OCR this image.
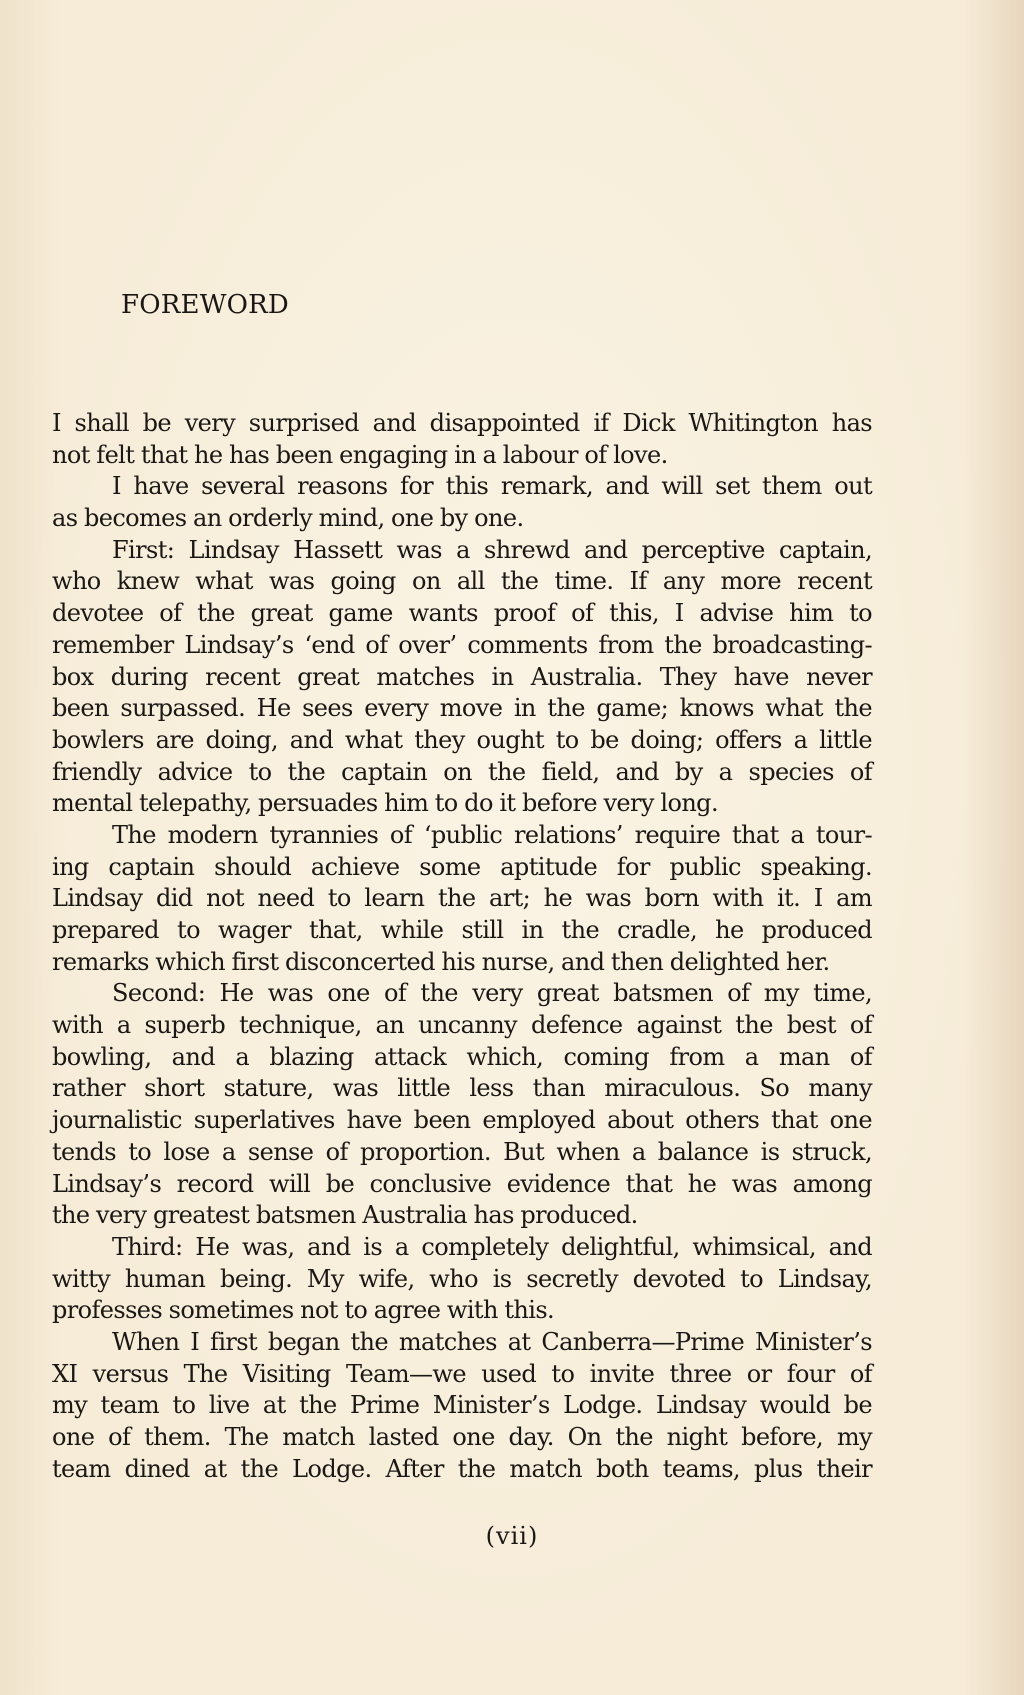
FOREWORD
I shall be very surprised and disappointed if Dick Whitington has
not felt that he has been engaging in a labour of love.
I have several reasons for this remark, and will set them out
as becomes an orderly mind, one by one.
First: Lindsay Hassett was a shrewd and perceptive captain,
who knew what was going on all the time. If any more recent
devotee of the great game wants proof of this, I advise him to
remember Lindsay’s ‘end of over’ comments from the broadcasting-
box during recent great matches in Australia. They have never
been surpassed. He sees every move in the game; knows what the
bowlers are doing, and what they ought to be doing; offers a little
friendly advice to the captain on the field, and by a species of
mental telepathy, persuades him to do it before very long.
The modern tyrannies of ‘public relations’ require that a tour-
ing captain should achieve some aptitude for public speaking.
Lindsay did not need to learn the art; he was born with it. I am
prepared to wager that, while still in the cradle, he produced
remarks which first disconcerted his nurse, and then delighted her.
Second: He was one of the very great batsmen of my time,
with a superb technique, an uncanny defence against the best of
bowling, and a blazing attack which, coming from a man of
rather short stature, was little less than miraculous. So many
journalistic superlatives have been employed about others that one
tends to lose a sense of proportion. But when a balance is struck,
Lindsay’s record will be conclusive evidence that he was among
the very greatest batsmen Australia has produced.
Third: He was, and is a completely delightful, whimsical, and
witty human being. My wife, who is secretly devoted to Lindsay,
professes sometimes not to agree with this.
When I first began the matches at Canberra—Prime Minister’s
XI versus The Visiting Team—we used to invite three or four of
my team to live at the Prime Minister’s Lodge. Lindsay would be
one of them. The match lasted one day. On the night before, my
team dined at the Lodge. After the match both teams, plus their
(vii)
